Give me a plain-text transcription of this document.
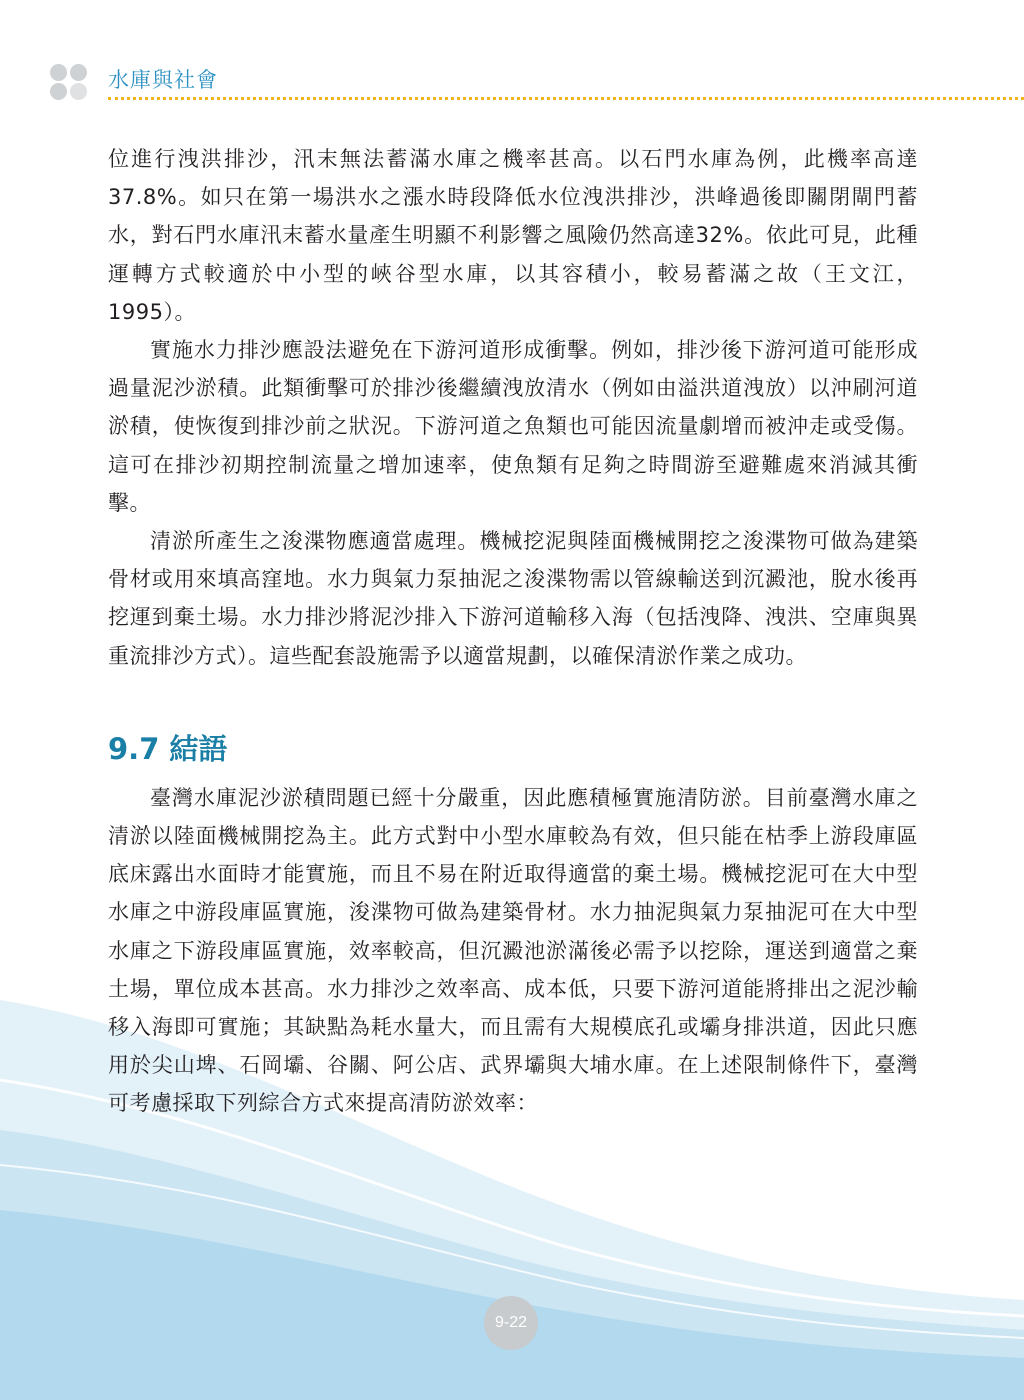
水庫與社會

位進行洩洪排沙，汛末無法蓄滿水庫之機率甚高。以石門水庫為例，此機率高達37.8%。如只在第一場洪水之漲水時段降低水位洩洪排沙，洪峰過後即關閉閘門蓄水，對石門水庫汛末蓄水量產生明顯不利影響之風險仍然高達32%。依此可見，此種運轉方式較適於中小型的峽谷型水庫，以其容積小，較易蓄滿之故（王文江，1995）。

實施水力排沙應設法避免在下游河道形成衝擊。例如，排沙後下游河道可能形成過量泥沙淤積。此類衝擊可於排沙後繼續洩放清水（例如由溢洪道洩放）以沖刷河道淤積，使恢復到排沙前之狀況。下游河道之魚類也可能因流量劇增而被沖走或受傷。這可在排沙初期控制流量之增加速率，使魚類有足夠之時間游至避難處來消減其衝擊。

清淤所產生之浚渫物應適當處理。機械挖泥與陸面機械開挖之浚渫物可做為建築骨材或用來填高窪地。水力與氣力泵抽泥之浚渫物需以管線輸送到沉澱池，脫水後再挖運到棄土場。水力排沙將泥沙排入下游河道輸移入海（包括洩降、洩洪、空庫與異重流排沙方式）。這些配套設施需予以適當規劃，以確保清淤作業之成功。

9.7 結語

臺灣水庫泥沙淤積問題已經十分嚴重，因此應積極實施清防淤。目前臺灣水庫之清淤以陸面機械開挖為主。此方式對中小型水庫較為有效，但只能在枯季上游段庫區底床露出水面時才能實施，而且不易在附近取得適當的棄土場。機械挖泥可在大中型水庫之中游段庫區實施，浚渫物可做為建築骨材。水力抽泥與氣力泵抽泥可在大中型水庫之下游段庫區實施，效率較高，但沉澱池淤滿後必需予以挖除，運送到適當之棄土場，單位成本甚高。水力排沙之效率高、成本低，只要下游河道能將排出之泥沙輸移入海即可實施；其缺點為耗水量大，而且需有大規模底孔或壩身排洪道，因此只應用於尖山埤、石岡壩、谷關、阿公店、武界壩與大埔水庫。在上述限制條件下，臺灣可考慮採取下列綜合方式來提高清防淤效率：

9-22
